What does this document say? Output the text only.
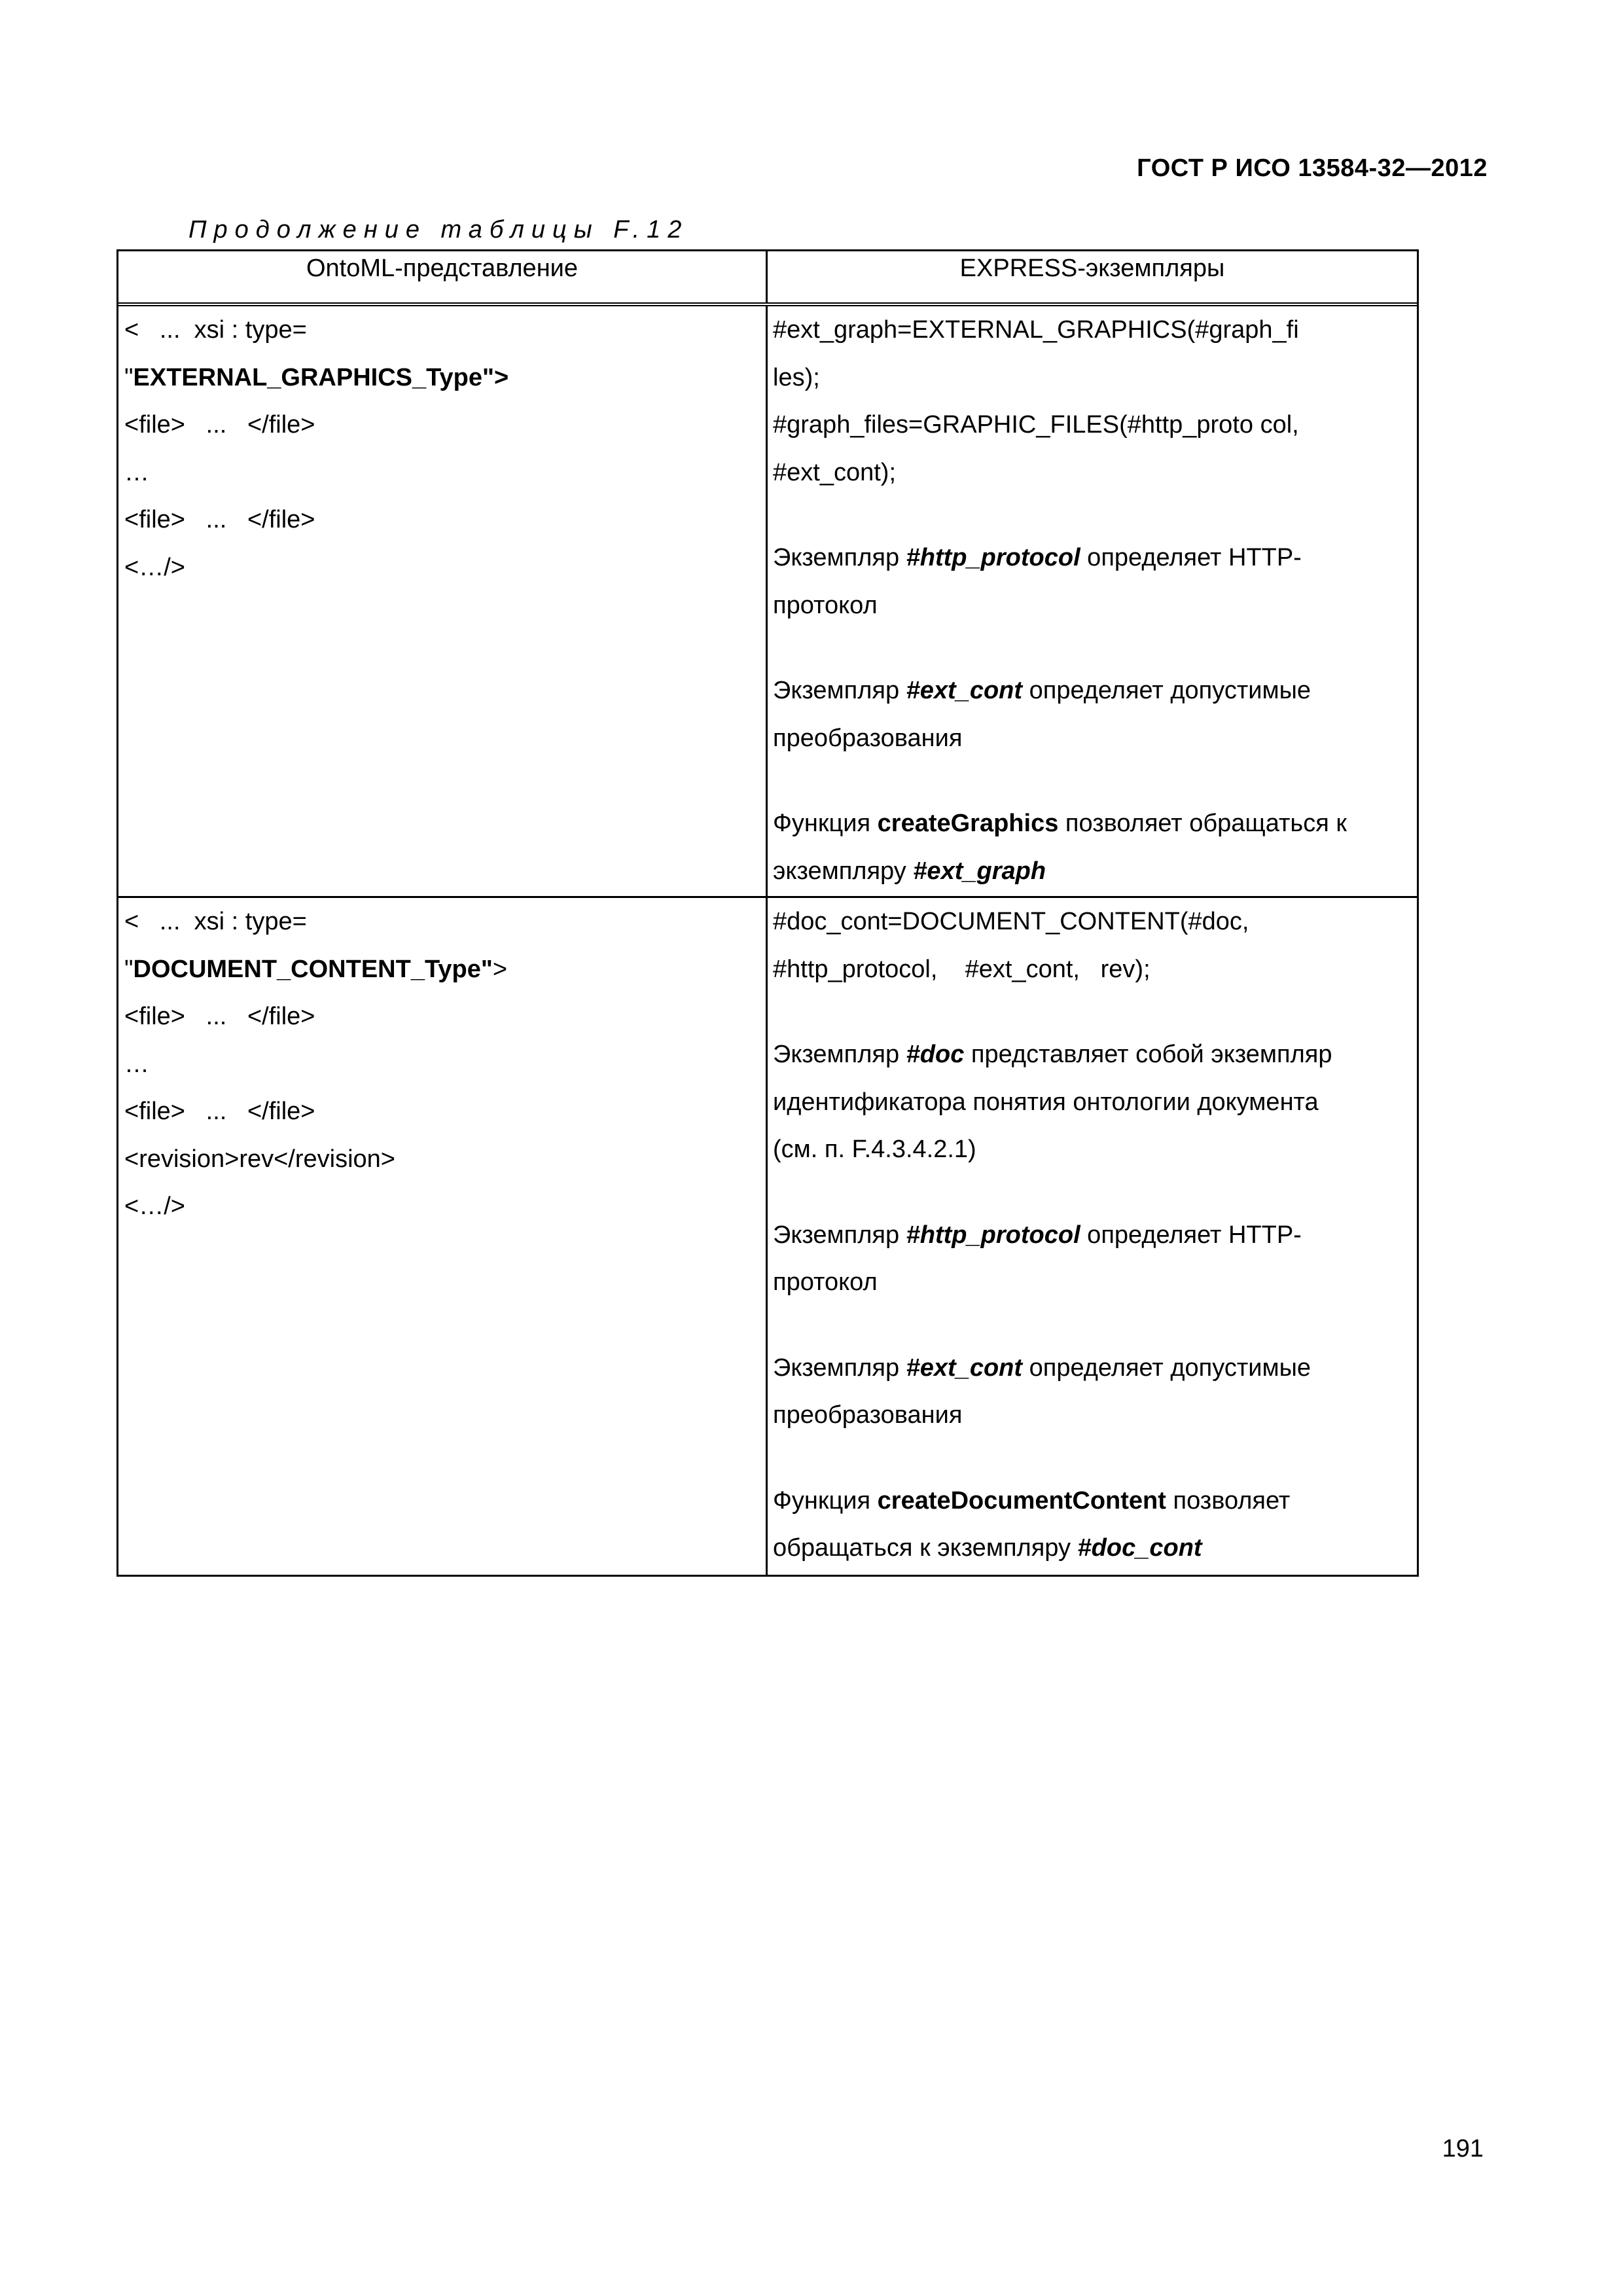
ГОСТ Р ИСО 13584-32—2012
Продолжение таблицы F.12
OntoML-представление	EXPRESS-экземпляры
<   ...  xsi : type=
"EXTERNAL_GRAPHICS_Type">
<file>   ...   </file>
…
<file>   ...   </file>
<…/>
#ext_graph=EXTERNAL_GRAPHICS(#graph_fi
les);
#graph_files=GRAPHIC_FILES(#http_proto col,
#ext_cont);
Экземпляр #http_protocol определяет HTTP-
протокол
Экземпляр #ext_cont определяет допустимые
преобразования
Функция createGraphics позволяет обращаться к
экземпляру #ext_graph
<   ...  xsi : type=
"DOCUMENT_CONTENT_Type">
<file>   ...   </file>
…
<file>   ...   </file>
<revision>rev</revision>
<…/>
#doc_cont=DOCUMENT_CONTENT(#doc,
#http_protocol,    #ext_cont,   rev);
Экземпляр #doc представляет собой экземпляр
идентификатора понятия онтологии документа
(см. п. F.4.3.4.2.1)
Экземпляр #http_protocol определяет HTTP-
протокол
Экземпляр #ext_cont определяет допустимые
преобразования
Функция createDocumentContent позволяет
обращаться к экземпляру #doc_cont
191
